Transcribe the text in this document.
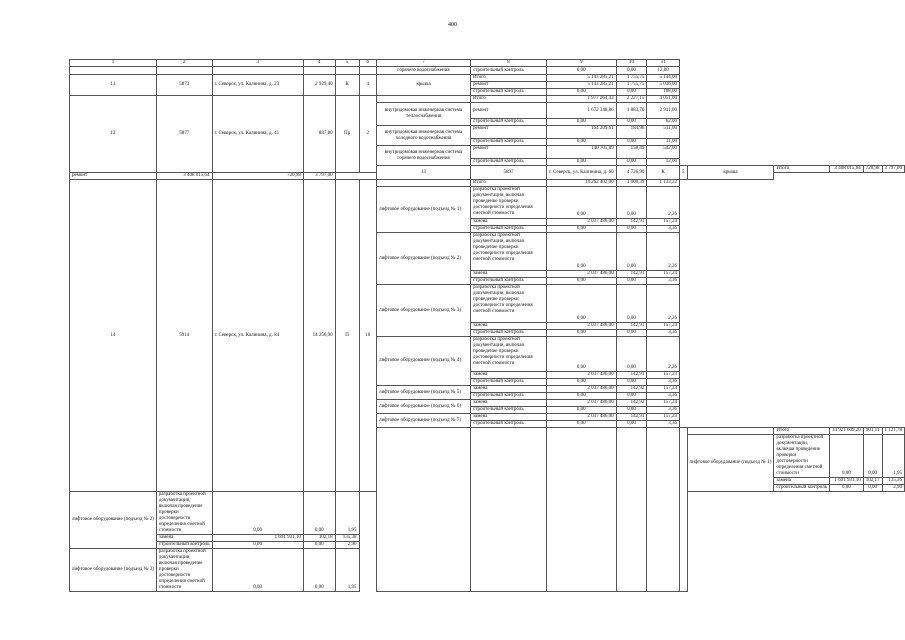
400
1	2	3	4	5	6	7	8	9	10	11						
						горячего водоснабжения	строительный контроль	0,00	0,00	12,00						
11	5873	г. Северск, ул. Калинина, д. 23	2 929,40	К	4	крыша	Итого	5 143 285,21	1 755,75	5 144,00						
							ремонт	5 143 285,21	1 755,75	5 036,00						
							строительный контроль	0,00	0,00	108,00						
12	5877	г. Северск, ул. Калинина, д. 41	887,80	Пр	2		Итого	1 977 264,43	2 227,15	4 051,00						
						внутридомовая инженерная система теплоснабжения	ремонт	1 672 348,86	1 883,70	2 911,00						
							строительный контроль	0,00	0,00	62,00						
						внутридомовая инженерная система холодного водоснабжения	ремонт	164 209,61	184,96	511,00						
							строительный контроль	0,00	0,00	11,00						
						внутридомовая инженерная система горячего водоснабжения	ремонт	140 705,89	158,49	542,00						
							строительный контроль	0,00	0,00	12,00						
						13	5897	г. Северск, ул. Калинина, д. 60	4 726,90	К	5	крыша	Итого	3 408 015,64	720,98	3 797,00
ремонт	3 408 015,64	720,98	3 797,00													
14	5914	г. Северск, ул. Калинина, д. 84	14 256,90	П	10		Итого	14 262 402,00	1 000,39	1 133,22						
						лифтовое оборудование (подъезд № 1)	разработка проектной документации, включая проведение проверки достоверности определения сметной стоимости	0,00	0,00	2,26						
							замена	2 037 486,00	142,91	157,24						
							строительный контроль	0,00	0,00	3,36						
						лифтовое оборудование (подъезд № 2)	разработка проектной документации, включая проведение проверки достоверности определения сметной стоимости	0,00	0,00	2,26						
							замена	2 037 486,00	142,91	157,24						
							строительный контроль	0,00	0,00	3,36						
						лифтовое оборудование (подъезд № 3)	разработка проектной документации, включая проведение проверки достоверности определения сметной стоимости	0,00	0,00	2,26						
							замена	2 037 486,00	142,91	157,24						
							строительный контроль	0,00	0,00	3,36						
						лифтовое оборудование (подъезд № 4)	разработка проектной документации, включая проведение проверки достоверности определения сметной стоимости	0,00	0,00	2,26						
							замена	2 037 486,00	142,91	157,23						
							строительный контроль	0,00	0,00	3,36						
						лифтовое оборудование (подъезд № 5)	замена	2 037 486,00	142,92	157,24						
							строительный контроль	0,00	0,00	3,36						
						лифтовое оборудование (подъезд № 6)	замена	2 037 486,00	142,92	157,24						
							строительный контроль	0,00	0,00	3,36						
						лифтовое оборудование (подъезд № 7)	замена	2 037 486,00	142,91	157,23						
							строительный контроль	0,00	0,00	3,36						
													Итого	14 921 609,20	901,11	1 121,78
												лифтовое оборудование (подъезд № 1)	разработка проектной документации, включая проведение проверки достоверности определения сметной стоимости	0,00	0,00	1,95
													замена	1 691 931,10	102,17	135,36
													строительный контроль	0,00	0,00	2,90
лифтовое оборудование (подъезд № 2)	разработка проектной документации, включая проведение проверки достоверности определения сметной стоимости	0,00	0,00	1,95												
	замена	1 691 931,10	102,18	135,38												
	строительный контроль	0,00	0,00	2,90												
лифтовое оборудование (подъезд № 3)	разработка проектной документации, включая проведение проверки достоверности определения сметной стоимости	0,00	0,00	1,95												
